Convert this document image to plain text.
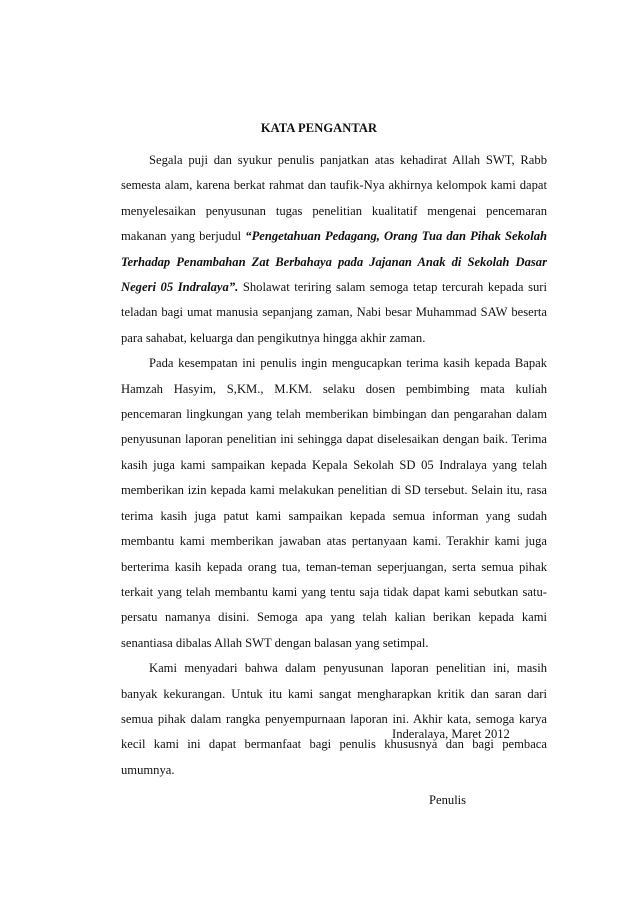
KATA PENGANTAR

Segala puji dan syukur penulis panjatkan atas kehadirat Allah SWT, Rabb semesta alam, karena berkat rahmat dan taufik-Nya akhirnya kelompok kami dapat menyelesaikan penyusunan tugas penelitian kualitatif mengenai pencemaran makanan yang berjudul “Pengetahuan Pedagang, Orang Tua dan Pihak Sekolah Terhadap Penambahan Zat Berbahaya pada Jajanan Anak di Sekolah Dasar Negeri 05 Indralaya”. Sholawat teriring salam semoga tetap tercurah kepada suri teladan bagi umat manusia sepanjang zaman, Nabi besar Muhammad SAW beserta para sahabat, keluarga dan pengikutnya hingga akhir zaman.

Pada kesempatan ini penulis ingin mengucapkan terima kasih kepada Bapak Hamzah Hasyim, S,KM., M.KM. selaku dosen pembimbing mata kuliah pencemaran lingkungan yang telah memberikan bimbingan dan pengarahan dalam penyusunan laporan penelitian ini sehingga dapat diselesaikan dengan baik. Terima kasih juga kami sampaikan kepada Kepala Sekolah SD 05 Indralaya yang telah memberikan izin kepada kami melakukan penelitian di SD tersebut. Selain itu, rasa terima kasih juga patut kami sampaikan kepada semua informan yang sudah membantu kami memberikan jawaban atas pertanyaan kami. Terakhir kami juga berterima kasih kepada orang tua, teman-teman seperjuangan, serta semua pihak terkait yang telah membantu kami yang tentu saja tidak dapat kami sebutkan satu-persatu namanya disini. Semoga apa yang telah kalian berikan kepada kami senantiasa dibalas Allah SWT dengan balasan yang setimpal.

Kami menyadari bahwa dalam penyusunan laporan penelitian ini, masih banyak kekurangan. Untuk itu kami sangat mengharapkan kritik dan saran dari semua pihak dalam rangka penyempurnaan laporan ini. Akhir kata, semoga karya kecil kami ini dapat bermanfaat bagi penulis khususnya dan bagi pembaca umumnya.

Inderalaya, Maret 2012
Penulis
